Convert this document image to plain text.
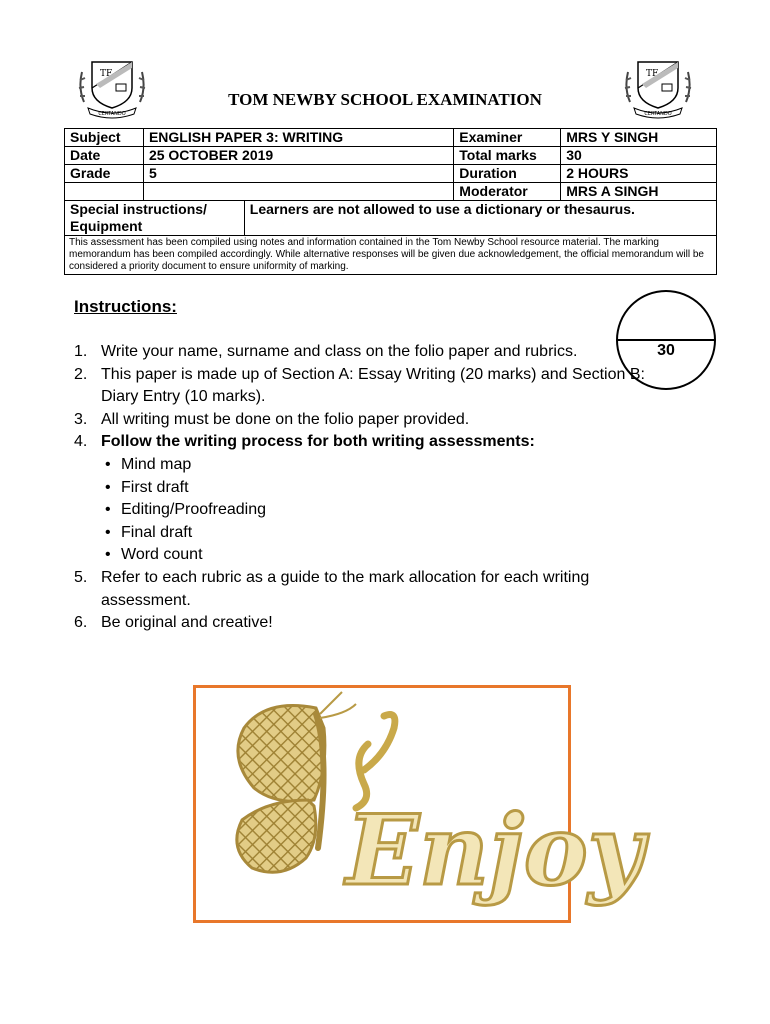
TF
CERTANDO
TF
CERTANDO
TOM NEWBY SCHOOL EXAMINATION
Subject	ENGLISH PAPER 3: WRITING		Examiner	MRS Y SINGH
Date	25 OCTOBER 2019		Total marks	30
Grade	5		Duration	2 HOURS
			Moderator	MRS A SINGH
Special instructions/ Equipment		Learners are not allowed to use a dictionary or thesaurus.		
This assessment has been compiled using notes and information contained in the Tom Newby School resource material. The marking memorandum has been compiled accordingly. While alternative responses will be given due acknowledgement, the official memorandum will be considered a priority document to ensure uniformity of marking.				
Instructions:
30
1. Write your name, surname and class on the folio paper and rubrics.
2. This paper is made up of Section A: Essay Writing (20 marks) and Section B: Diary Entry (10 marks).
3. All writing must be done on the folio paper provided.
4. Follow the writing process for both writing assessments:
• Mind map
• First draft
• Editing/Proofreading
• Final draft
• Word count
5. Refer to each rubric as a guide to the mark allocation for each writing assessment.
6. Be original and creative!
Enjoy
